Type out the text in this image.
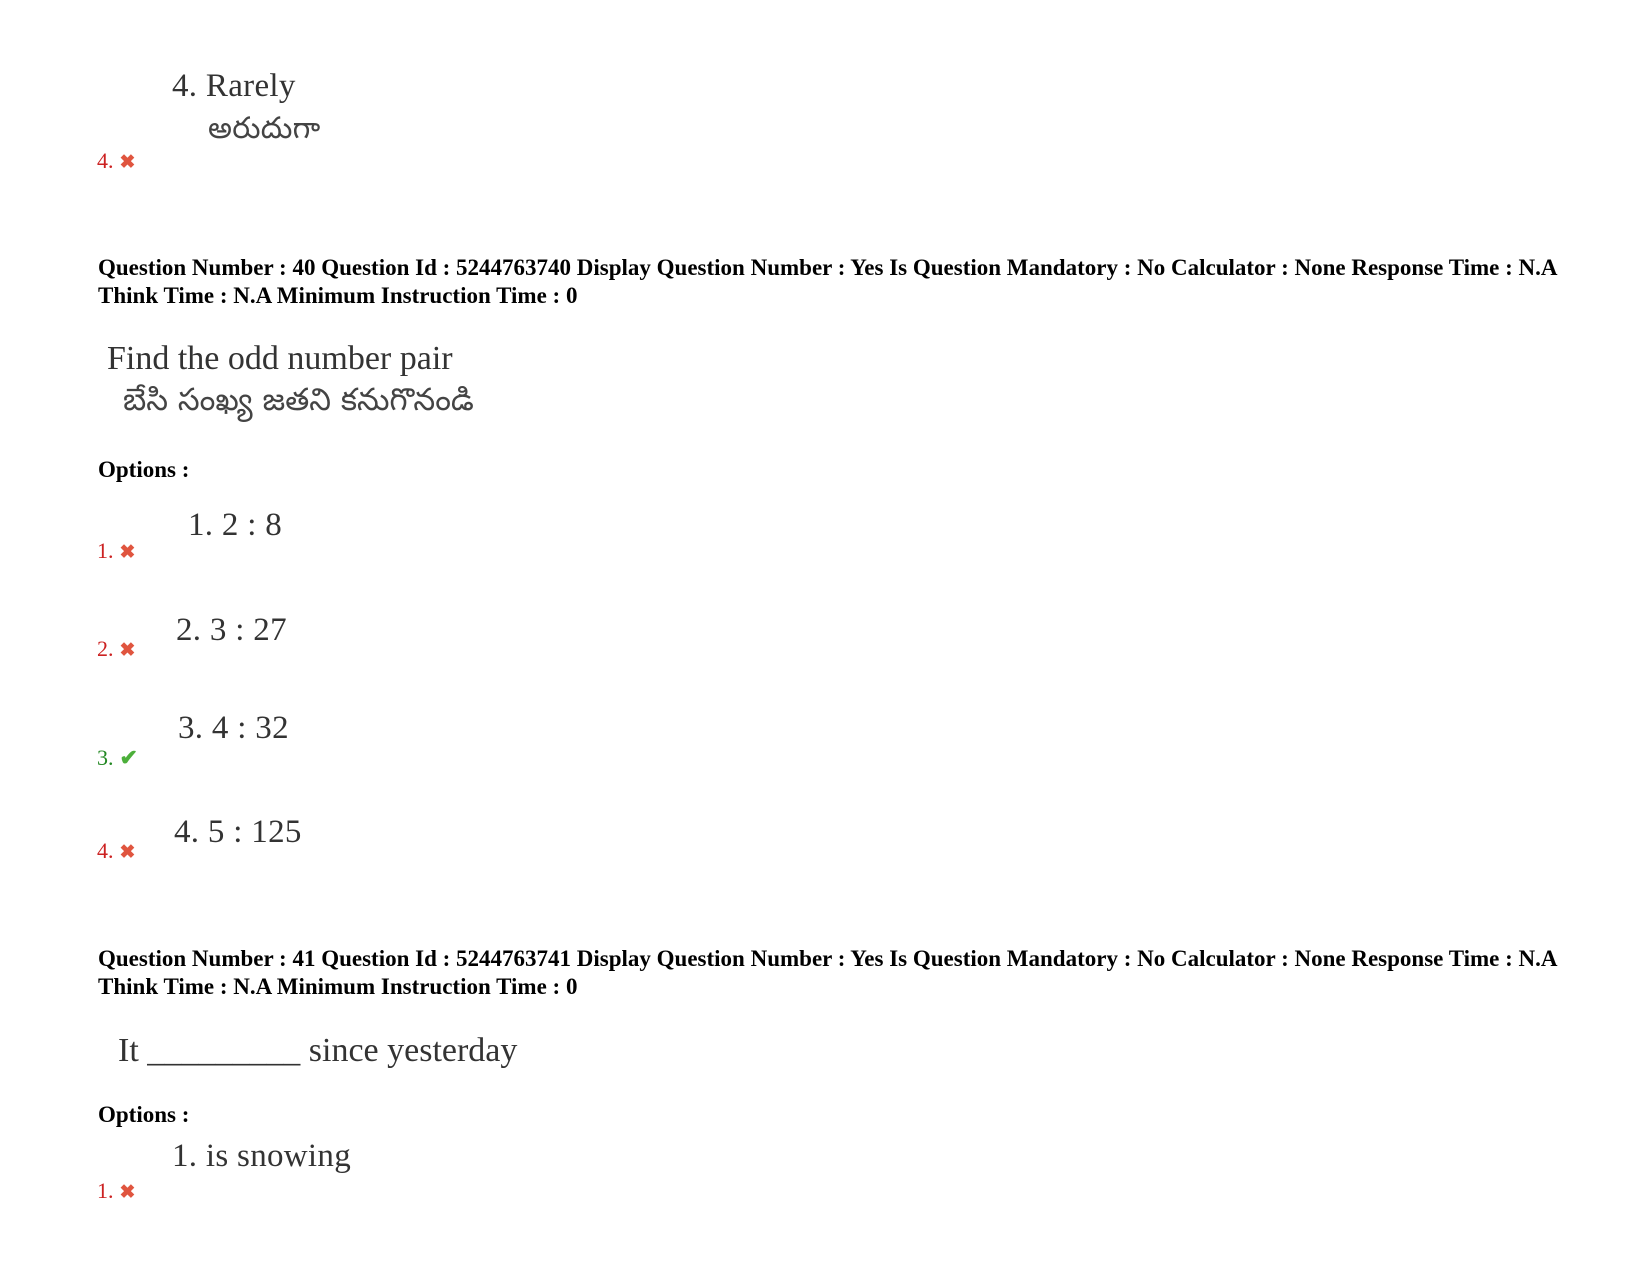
4. Rarely
అరుదుగా
4. ✖
Question Number : 40 Question Id : 5244763740 Display Question Number : Yes Is Question Mandatory : No Calculator : None Response Time : N.A Think Time : N.A Minimum Instruction Time : 0
Find the odd number pair
బేసి సంఖ్య జతని కనుగొనండి
Options :
1. 2 : 8
1. ✖
2. 3 : 27
2. ✖
3. 4 : 32
3. ✔
4. 5 : 125
4. ✖
Question Number : 41 Question Id : 5244763741 Display Question Number : Yes Is Question Mandatory : No Calculator : None Response Time : N.A Think Time : N.A Minimum Instruction Time : 0
It _________ since yesterday
Options :
1. is snowing
1. ✖
